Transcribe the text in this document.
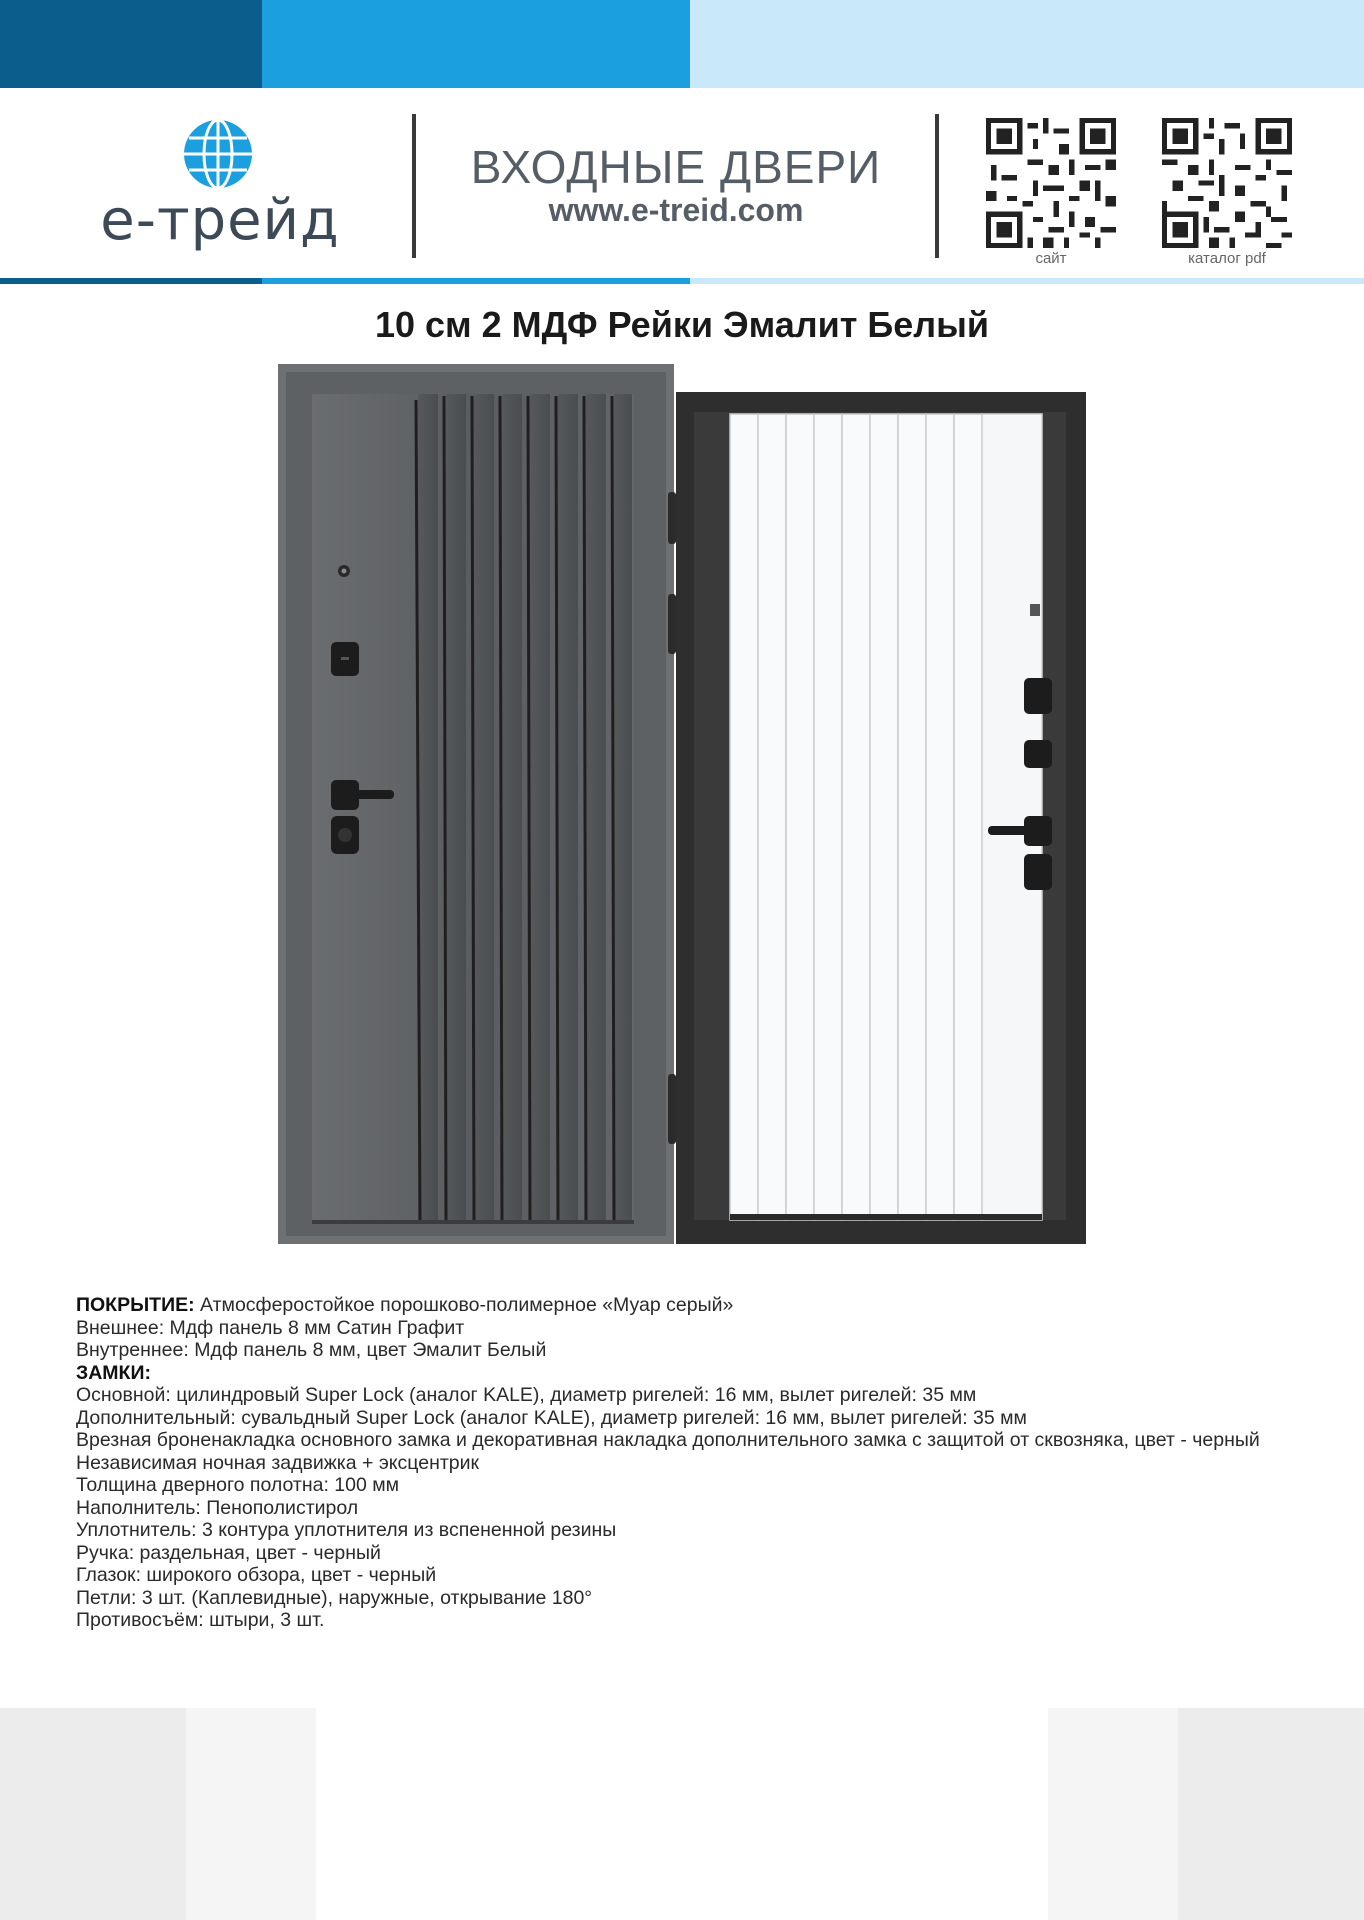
е-трейд
ВХОДНЫЕ ДВЕРИ
www.e-treid.com
сайт	каталог pdf
10 см 2 МДФ Рейки Эмалит Белый
ПОКРЫТИЕ: Атмосферостойкое порошково-полимерное «Муар серый»
Внешнее: Мдф панель 8 мм Сатин Графит
Внутреннее: Мдф панель 8 мм, цвет Эмалит Белый
ЗАМКИ:
Основной: цилиндровый Super Lock (аналог KALE), диаметр ригелей: 16 мм, вылет ригелей: 35 мм
Дополнительный: сувальдный Super Lock (аналог KALE), диаметр ригелей: 16 мм, вылет ригелей: 35 мм
Врезная броненакладка основного замка и декоративная накладка дополнительного замка с защитой от сквозняка, цвет - черный
Независимая ночная задвижка + эксцентрик
Толщина дверного полотна: 100 мм
Наполнитель: Пенополистирол
Уплотнитель: 3 контура уплотнителя из вспененной резины
Ручка: раздельная, цвет - черный
Глазок: широкого обзора, цвет - черный
Петли: 3 шт. (Каплевидные), наружные, открывание 180°
Противосъём: штыри, 3 шт.
